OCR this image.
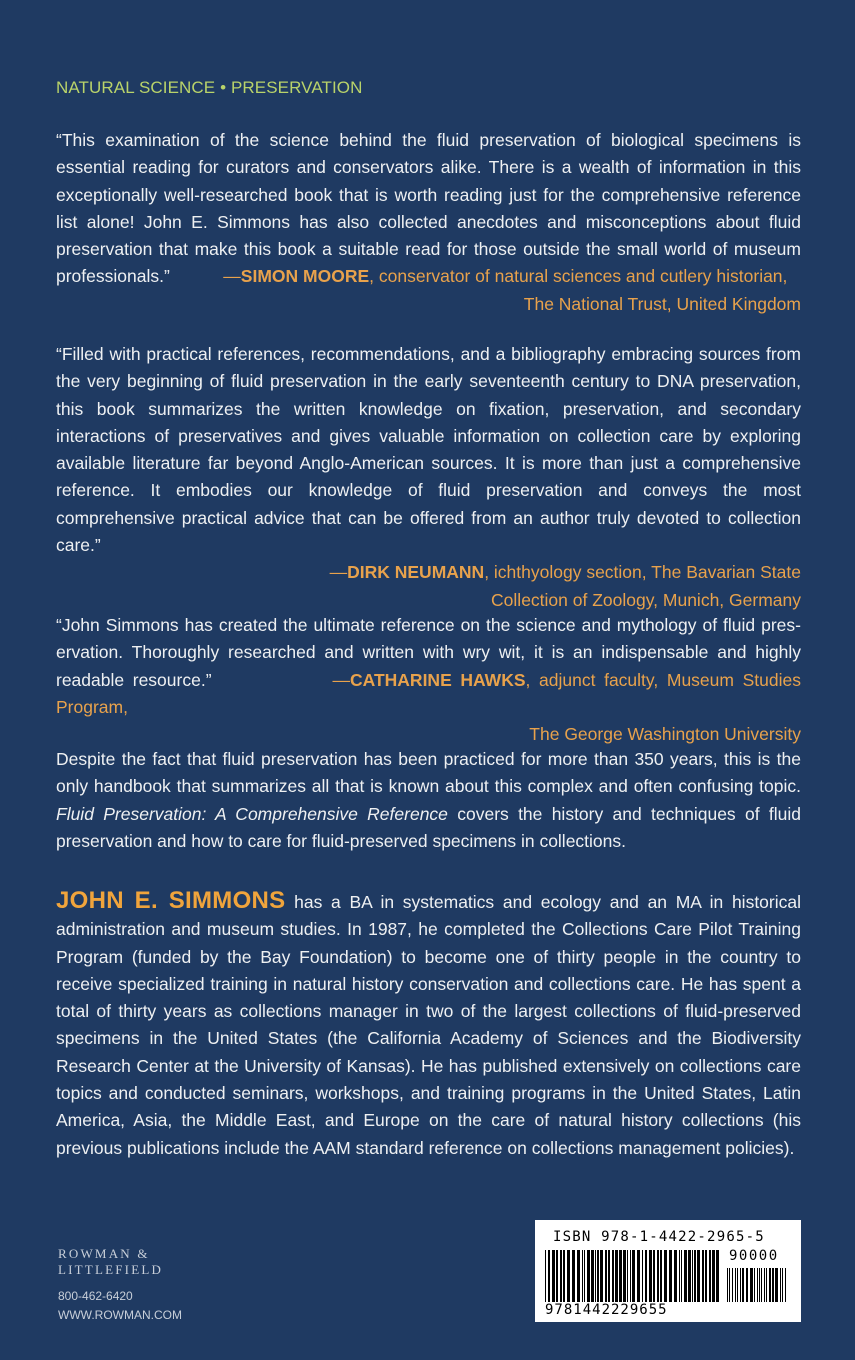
NATURAL SCIENCE • PRESERVATION

“This examination of the science behind the fluid preservation of biological specimens is essential reading for curators and conservators alike. There is a wealth of information in this exceptionally well-researched book that is worth reading just for the comprehensive reference list alone! John E. Simmons has also collected anecdotes and misconceptions about fluid preservation that make this book a suitable read for those outside the small world of museum professionals.”	—SIMON MOORE, conservator of natural sciences and cutlery historian,

The National Trust, United Kingdom

“Filled with practical references, recommendations, and a bibliography embracing sources from the very beginning of fluid preservation in the early seventeenth century to DNA preservation, this book summarizes the written knowledge on fixation, preservation, and secondary interactions of preservatives and gives valuable information on collection care by exploring available literature far beyond Anglo-American sources. It is more than just a comprehensive reference. It embodies our knowledge of fluid preservation and conveys the most comprehensive practical advice that can be offered from an author truly devoted to collection care.”

—DIRK NEUMANN, ichthyology section, The Bavarian State
Collection of Zoology, Munich, Germany

“John Simmons has created the ultimate reference on the science and mythology of fluid preservation. Thoroughly researched and written with wry wit, it is an indispensable and highly readable resource.”	—CATHARINE HAWKS, adjunct faculty, Museum Studies Program,

The George Washington University

Despite the fact that fluid preservation has been practiced for more than 350 years, this is the only handbook that summarizes all that is known about this complex and often confusing topic. Fluid Preservation: A Comprehensive Reference covers the history and techniques of fluid preservation and how to care for fluid-preserved specimens in collections.

JOHN E. SIMMONS has a BA in systematics and ecology and an MA in historical administration and museum studies. In 1987, he completed the Collections Care Pilot Training Program (funded by the Bay Foundation) to become one of thirty people in the country to receive specialized training in natural history conservation and collections care. He has spent a total of thirty years as collections manager in two of the largest collections of fluid-preserved specimens in the United States (the California Academy of Sciences and the Biodiversity Research Center at the University of Kansas). He has published extensively on collections care topics and conducted seminars, workshops, and training programs in the United States, Latin America, Asia, the Middle East, and Europe on the care of natural history collections (his previous publications include the AAM standard reference on collections management policies).

ROWMAN &
LITTLEFIELD
800-462-6420
WWW.ROWMAN.COM
ISBN 978-1-4422-2965-5
90000
9781442229655
